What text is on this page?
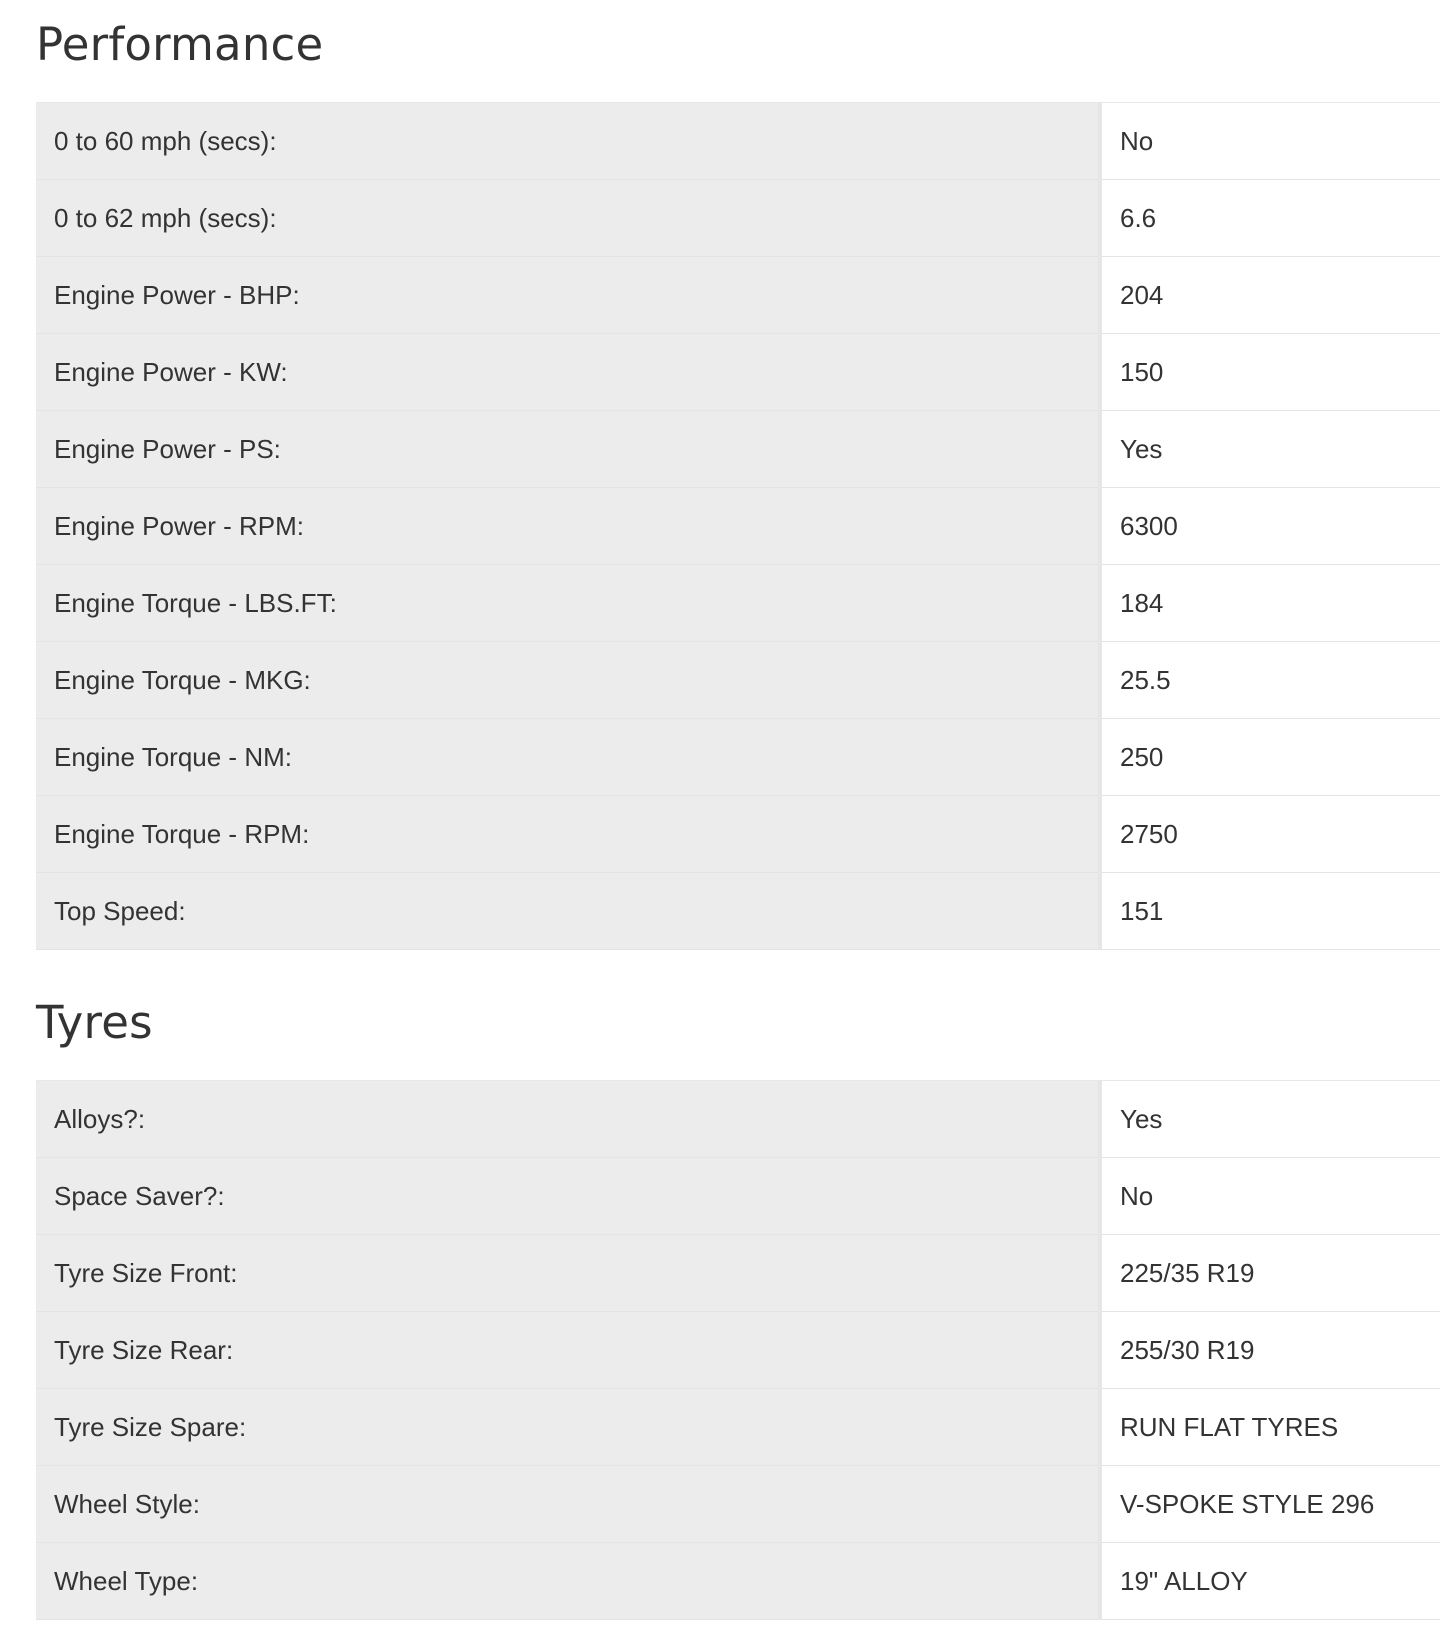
Performance
0 to 60 mph (secs):	No
0 to 62 mph (secs):	6.6
Engine Power - BHP:	204
Engine Power - KW:	150
Engine Power - PS:	Yes
Engine Power - RPM:	6300
Engine Torque - LBS.FT:	184
Engine Torque - MKG:	25.5
Engine Torque - NM:	250
Engine Torque - RPM:	2750
Top Speed:	151
Tyres
Alloys?:	Yes
Space Saver?:	No
Tyre Size Front:	225/35 R19
Tyre Size Rear:	255/30 R19
Tyre Size Spare:	RUN FLAT TYRES
Wheel Style:	V-SPOKE STYLE 296
Wheel Type:	19" ALLOY
